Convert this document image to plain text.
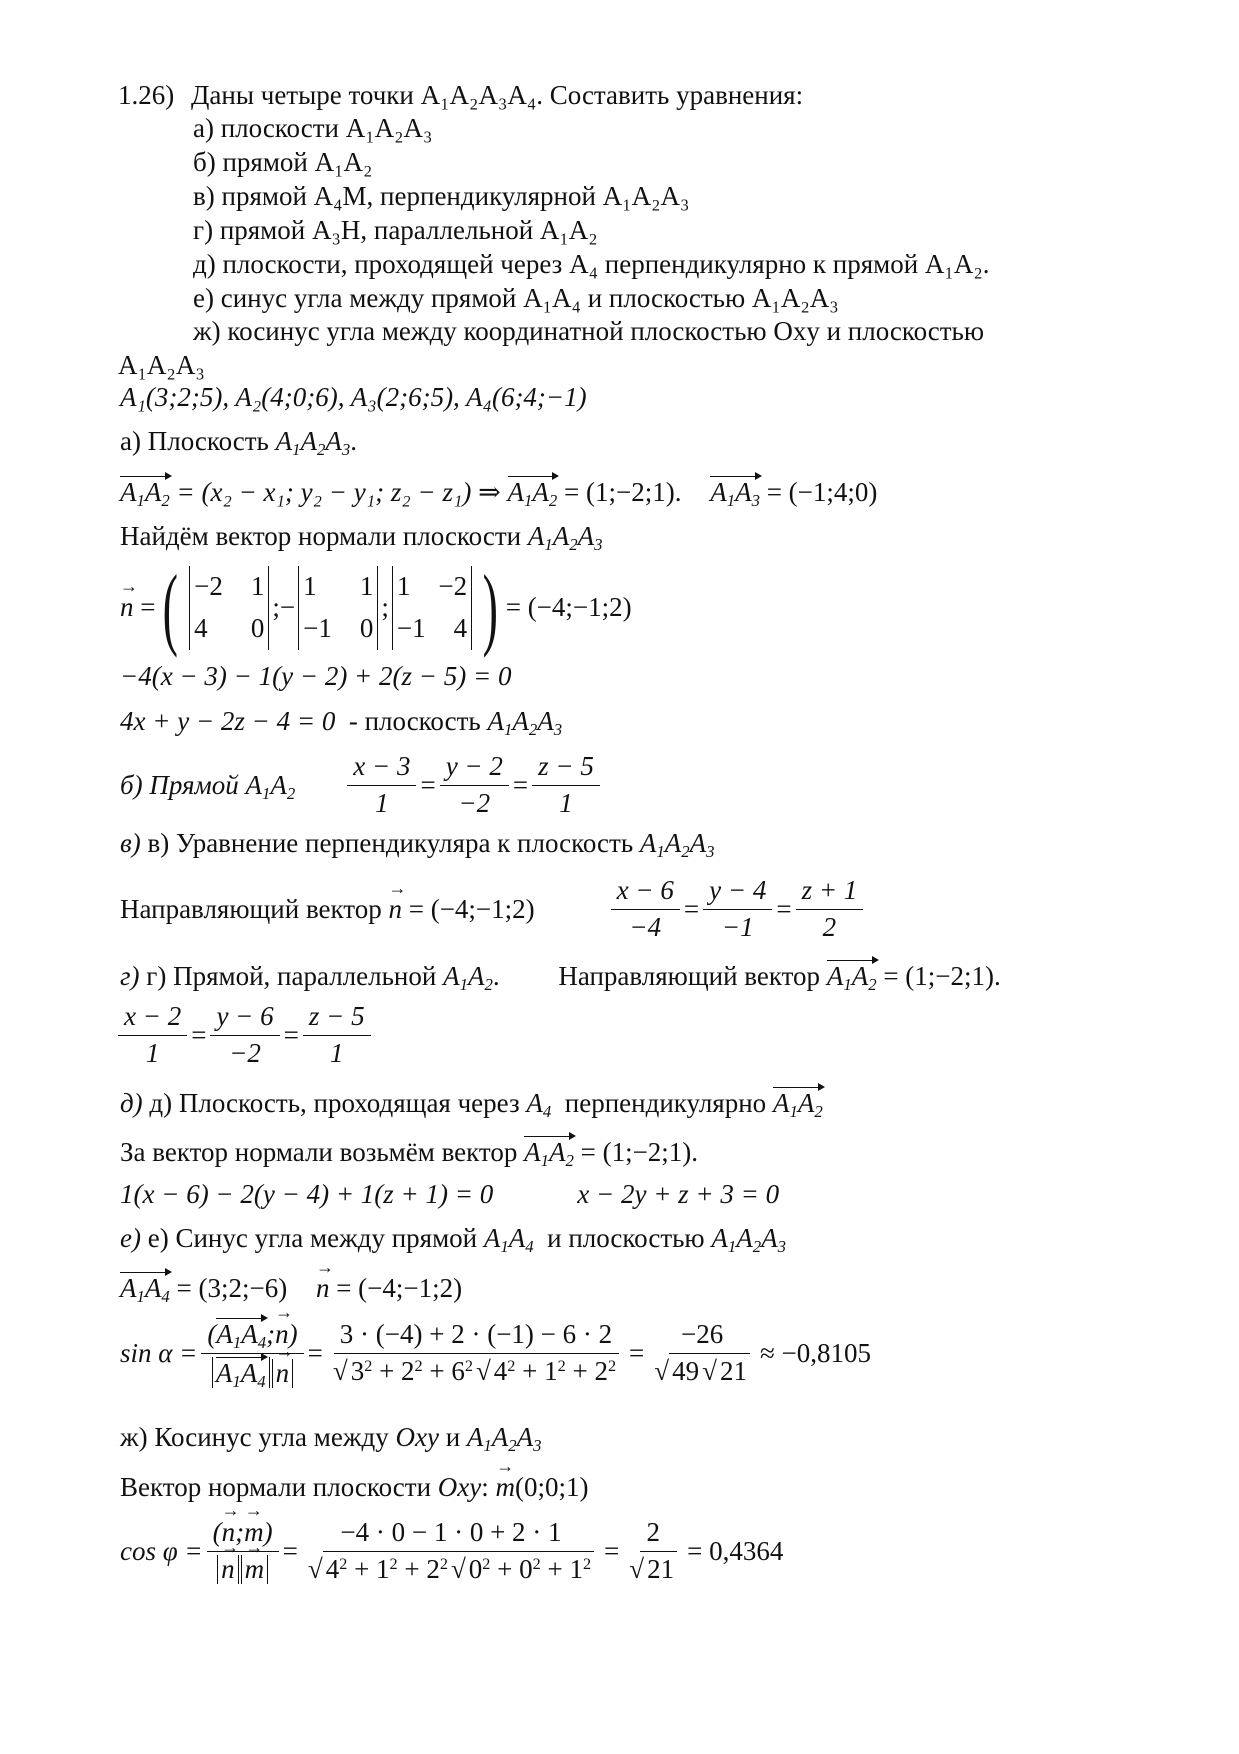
1.26) Даны четыре точки А₁А₂А₃А₄. Составить уравнения:
а) плоскости А₁А₂А₃
б) прямой А₁А₂
в) прямой А₄М, перпендикулярной А₁А₂А₃
г) прямой А₃Н, параллельной А₁А₂
д) плоскости, проходящей через А₄ перпендикулярно к прямой А₁А₂.
е) синус угла между прямой А₁А₄ и плоскостью А₁А₂А₃
ж) косинус угла между координатной плоскостью Oxy и плоскостью
А₁А₂А₃
A₁(3;2;5), A₂(4;0;6), A₃(2;6;5), A₄(6;4;−1)
а) Плоскость $A_1A_2A_3$.
$A_1A_2 = (x_2 - x_1$; y₂ − y₁; z₂ − z₁) ⇒ $A_1A_2$ = (1;−2;1). $A_1A_3$ = (−1;4;0)
Найдём вектор нормали плоскости $A_1A_2A_3$
→ n = ( −2 1
4 0
;−
1 1
−1 0
;
1 −2
−1 4 ) = (−4;−1;2)
−4(x − 3) − 1(y − 2) + 2(z − 5) = 0
4x + y − 2z − 4 = 0 - плоскость $A_1A_2A_3$
б) Прямой
$A_1A_2 \frac{x - 3}{1} = \frac{y - 2}{-2} = \frac{z - 5}{1}$
в) в) Уравнение перпендикуляра к плоскость $A_1A_2A_3$
Направляющий вектор
→ n
= (−4;−1;2)	$\frac{x - 6}{-4} = \frac{y - 4}{-1} = \frac{z + 1}{2}$
г) г) Прямой, параллельной $A_1A_2$. Направляющий вектор $A_1A_2$ = (1;−2;1).
$\frac{x - 2}{1} = \frac{y - 6}{-2} = \frac{z - 5}{1}$
д) д) Плоскость, проходящая через $A_4$ перпендикулярно $A_1A_2$
За вектор нормали возьмём вектор $A_1A_2$ = (1;−2;1).
1(x − 6) − 2(y − 4) + 1(z + 1) = 0	x − 2y + z + 3 = 0
е) е) Синус угла между прямой $A_1A_4$ и плоскостью $A_1A_2A_3$
$A_1A_4$ = (3;2;−6) → n = (−4;−1;2)
$\sin \alpha = \frac{(A_1A_4;\to n)}{A_1A_4 \to n} = \frac{3 \cdot (-4) + 2 \cdot (-1) - 6 \cdot 2}{√ 3^2 + 2^2 + 6^2 √ 4^2 + 1^2 + 2^2} = \frac{-26}{√ 49 √ 21} \approx -0,8105$
ж) Косинус угла между Oxy и $A_1A_2A_3$
Вектор нормали плоскости Oxy: → m(0;0;1)
cos φ = (→ n;→ m)
→ $n \to m = \frac{-4 \cdot 0 - 1 \cdot 0 + 2 \cdot 1}{√ 4^2 + 1^2 + 2^2 √ 0^2 + 0^2 + 1^2} = \frac{2}{√ 21} = 0,4364$
